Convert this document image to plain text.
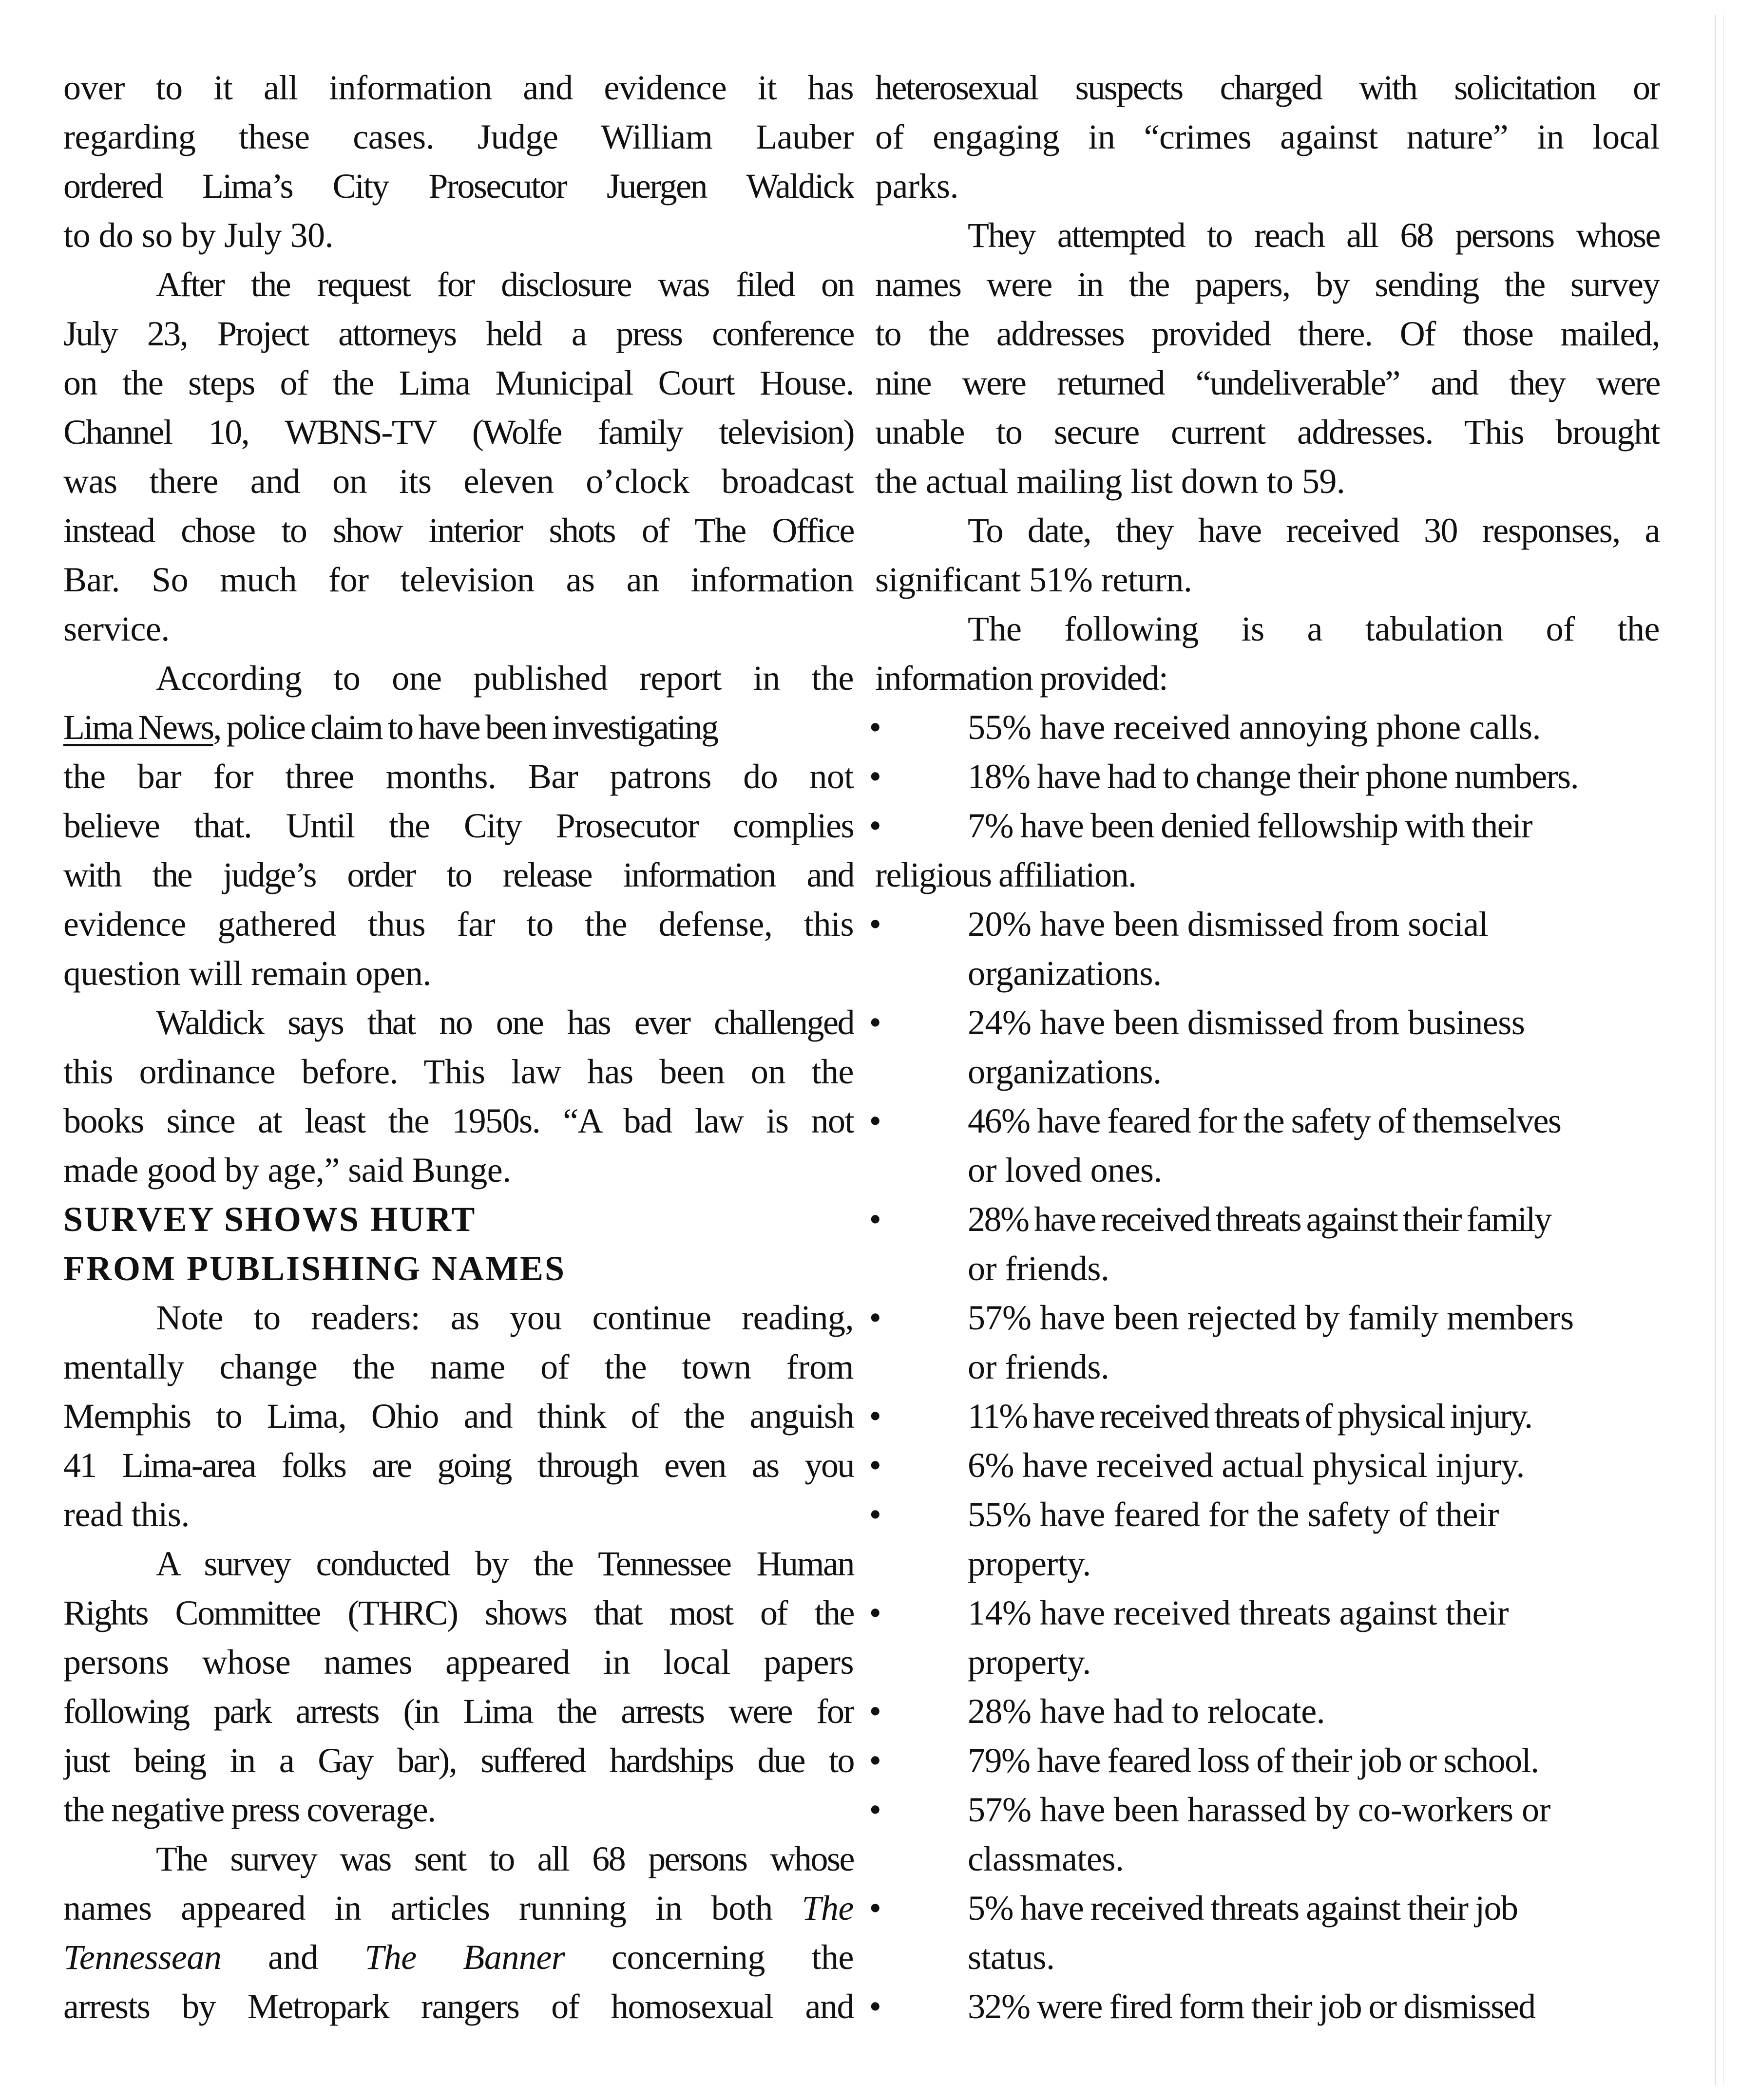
over to it all information and evidence it has
regarding these cases. Judge William Lauber
ordered Lima’s City Prosecutor Juergen Waldick
to do so by July 30.
After the request for disclosure was filed on
July 23, Project attorneys held a press conference
on the steps of the Lima Municipal Court House.
Channel 10, WBNS-TV (Wolfe family television)
was there and on its eleven o’clock broadcast
instead chose to show interior shots of The Office
Bar. So much for television as an information
service.
According to one published report in the
Lima News, police claim to have been investigating
the bar for three months. Bar patrons do not
believe that. Until the City Prosecutor complies
with the judge’s order to release information and
evidence gathered thus far to the defense, this
question will remain open.
Waldick says that no one has ever challenged
this ordinance before. This law has been on the
books since at least the 1950s. “A bad law is not
made good by age,” said Bunge.
SURVEY SHOWS HURT
FROM PUBLISHING NAMES
Note to readers: as you continue reading,
mentally change the name of the town from
Memphis to Lima, Ohio and think of the anguish
41 Lima-area folks are going through even as you
read this.
A survey conducted by the Tennessee Human
Rights Committee (THRC) shows that most of the
persons whose names appeared in local papers
following park arrests (in Lima the arrests were for
just being in a Gay bar), suffered hardships due to
the negative press coverage.
The survey was sent to all 68 persons whose
names appeared in articles running in both The
Tennessean and The Banner concerning the
arrests by Metropark rangers of homosexual and
heterosexual suspects charged with solicitation or
of engaging in “crimes against nature” in local
parks.
They attempted to reach all 68 persons whose
names were in the papers, by sending the survey
to the addresses provided there. Of those mailed,
nine were returned “undeliverable” and they were
unable to secure current addresses. This brought
the actual mailing list down to 59.
To date, they have received 30 responses, a
significant 51% return.
The following is a tabulation of the
information provided:
• 55% have received annoying phone calls.
• 18% have had to change their phone numbers.
• 7% have been denied fellowship with their
religious affiliation.
• 20% have been dismissed from social
organizations.
• 24% have been dismissed from business
organizations.
• 46% have feared for the safety of themselves
or loved ones.
• 28% have received threats against their family
or friends.
• 57% have been rejected by family members
or friends.
• 11% have received threats of physical injury.
• 6% have received actual physical injury.
• 55% have feared for the safety of their
property.
• 14% have received threats against their
property.
• 28% have had to relocate.
• 79% have feared loss of their job or school.
• 57% have been harassed by co-workers or
classmates.
• 5% have received threats against their job
status.
• 32% were fired form their job or dismissed
